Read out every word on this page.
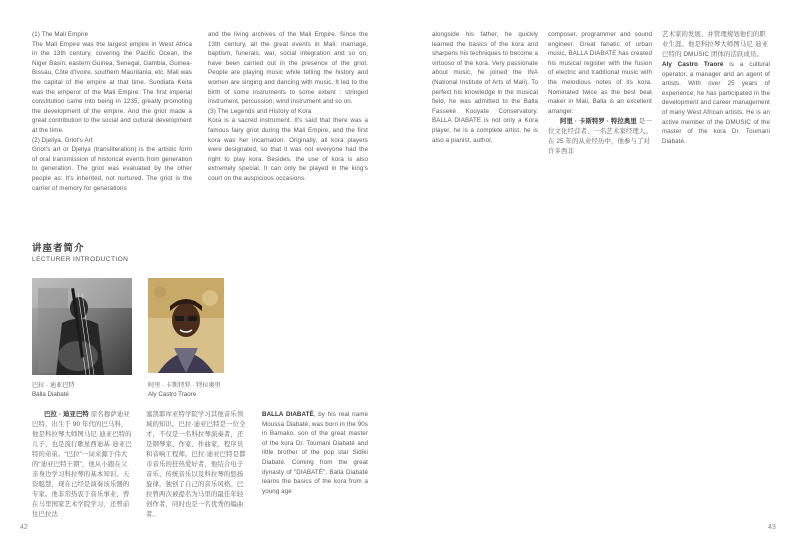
(1) The Mali Empire

The Mali Empire was the largest empire in West Africa in the 13th century, covering the Pacific Ocean, the Niger Basin, eastern Guinea, Senegal, Gambia, Guinea-Bissau, Côte d'Ivoire, southern Mauritania, etc. Mali was the capital of the empire at that time. Sundiata Keita was the emperor of the Mali Empire. The first imperial constitution came into being in 1235, greatly promoting the development of the empire. And the griot made a great contribution to the social and cultural development at the time.

(2) Djeliya, Griot's Art

Griot's art or Djeliya (transliteration) is the artistic form of oral transmission of historical events from generation to generation. The griot was evaluated by the other people as: It's inherited, not nurtured. The griot is the carrier of memory for generations

and the living archives of the Mali Empire. Since the 13th century, all the great events in Mali: marriage, baptism, funerals, war, social integration and so on, have been carried out in the presence of the griot. People are playing music while telling the history and women are singing and dancing with music. It led to the birth of some instruments to some extent : stringed instrument, percussion, wind instrument and so on.

(3) The Legends and History of Kora

Kora is a sacred instrument. It's said that there was a famous fairy griot during the Mali Empire, and the first kora was her incarnation. Originally, all kora players were designated, so that it was not everyone had the right to play kora. Besides, the use of kora is also extremely special. It can only be played in the king's court on the auspicious occasions.

讲座者简介
LECTURER INTRODUCTION
巴拉 · 迪亚巴特
Balla Diabaté
阿里 · 卡斯特罗 · 特拉奥里
Aly Castro Traore

巴拉 · 迪亚巴特 原名穆萨迪亚巴特，出生于 90 年代的巴马科，他是科拉琴大师图马尼·迪亚巴特的儿子，也是流行歌星西迪基·迪亚巴特的弟弟。“巴拉”一词来源于伟大的“迪亚巴特王朝”，他从小跟在父亲身边学习科拉琴的基本知识。天资聪慧，现在已经是演奏该乐器的专家。他非常热衷于音乐事业，曾在马里国家艺术学院学习，还曾前往巴拉法

塞凯耶库亚特学院学习其他音乐领域的知识。巴拉·迪亚巴特是一位全才，不仅是一名科拉琴演奏者，还是钢琴家、作家、作曲家、程序员和音响工程师。巴拉·迪亚巴特是都市音乐的狂热爱好者，他结合电子音乐、传统音乐以及科拉琴的悠扬旋律，独创了自己的音乐风格。巴拉曾两次被提名为马里的最佳年轻创作者，同时也是一名优秀的编曲者。

BALLA DIABATÉ, by his real name Moussa Diabaté, was born in the 90s in Bamako, son of the great master of the kora Dr. Toumani Diabaté and little brother of the pop star Sidiki Diabaté. Coming from the great dynasty of "DIABATÉ", Balla Diabaté learns the basics of the kora from a young age

42

alongside his father, he quickly learned the basics of the kora and sharpens his techniques to become a virtuoso of the kora. Very passionate about music, he joined the INA (National Institute of Arts of Mali). To perfect his knowledge in the musical field, he was admitted to the Balla Fasseké Kouyate Conservatory. BALLA DIABATE is not only a Kora player, he is a complete artist, he is also a pianist, author,

composer, programmer and sound engineer. Great fanatic of urban music, BALLA DIABATE has created his musical register with the fusion of electric and traditional music with the melodious notes of its kora. Nominated twice as the best beat maker in Mali, Balla is an excellent arranger.

阿里 · 卡斯特罗 · 特拉奥里 是一位文化经营者、一名艺术家经理人。在 25 年的从业经历中，他参与了对许多西非

艺术家的发展、并管理规划他们的职业生涯。他是科拉琴大师图马尼·迪亚巴特的 DMUSIC 团体的活跃成员。

Aly Castro Traoré is a cultural operator, a manager and an agent of artists. With over 25 years of experience, he has participated in the development and career management of many West African artists. He is an active member of the DMUSIC of the master of the kora Dr. Toumani Diabaté.

43
